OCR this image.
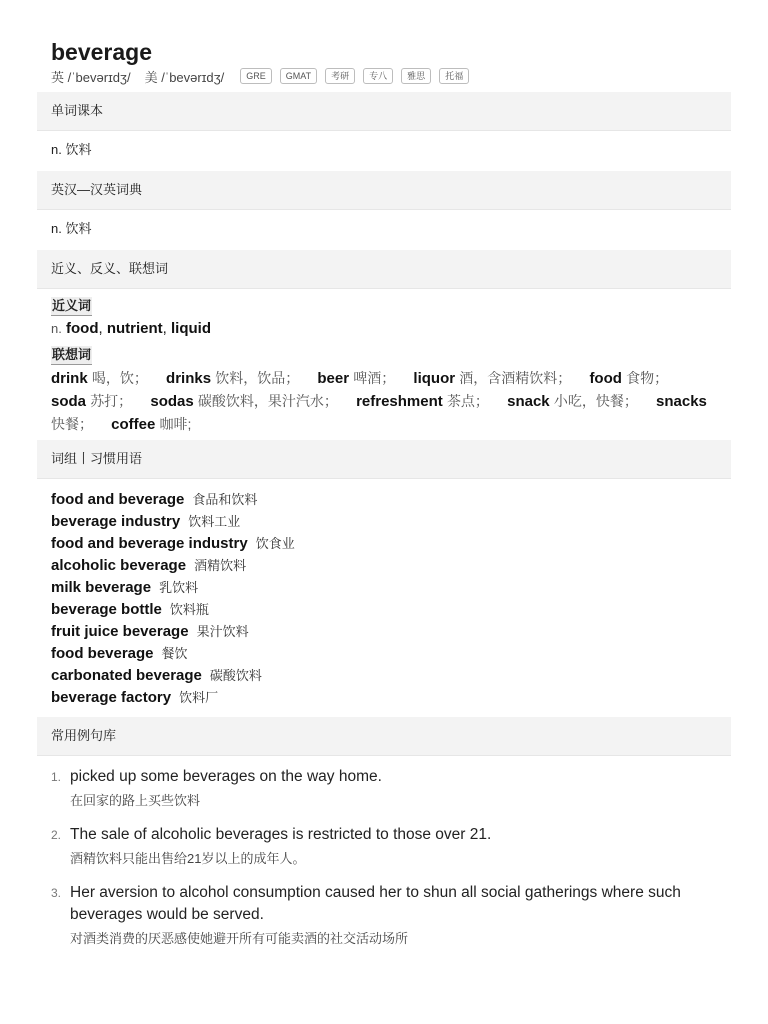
beverage
英 /ˈbevərɪdʒ/ 美 /ˈbevərɪdʒ/	GRE	GMAT	考研	专八	雅思	托福
单词课本
n. 饮料
英汉—汉英词典
n. 饮料
近义、反义、联想词
近义词
n. food, nutrient, liquid
联想词
drink 喝，饮； drinks 饮料，饮品； beer 啤酒； liquor 酒，含酒精饮料； food 食物； soda 苏打； sodas 碳酸饮料，果汁汽水； refreshment 茶点； snack 小吃，快餐； snacks 快餐； coffee 咖啡;
词组丨习惯用语
food and beverage 食品和饮料
beverage industry 饮料工业
food and beverage industry 饮食业
alcoholic beverage 酒精饮料
milk beverage 乳饮料
beverage bottle 饮料瓶
fruit juice beverage 果汁饮料
food beverage 餐饮
carbonated beverage 碳酸饮料
beverage factory 饮料厂
常用例句库
1. picked up some beverages on the way home.
在回家的路上买些饮料
2. The sale of alcoholic beverages is restricted to those over 21.
酒精饮料只能出售给21岁以上的成年人。
3. Her aversion to alcohol consumption caused her to shun all social gatherings where such beverages would be served.
对酒类消费的厌恶感使她避开所有可能卖酒的社交活动场所
